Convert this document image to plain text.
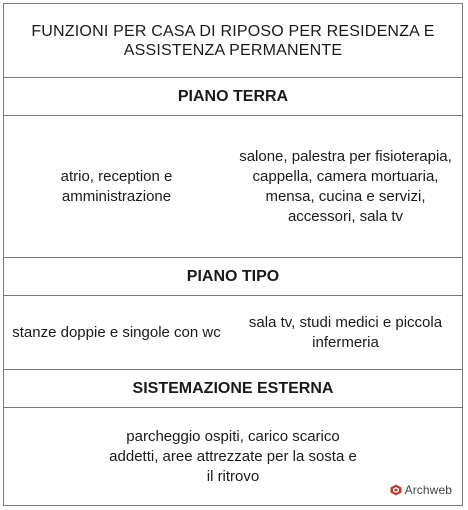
FUNZIONI PER CASA DI RIPOSO PER RESIDENZA E ASSISTENZA PERMANENTE
PIANO TERRA
atrio, reception e amministrazione
salone, palestra per fisioterapia, cappella, camera mortuaria, mensa, cucina e servizi, accessori, sala tv
PIANO TIPO
stanze doppie e singole con wc
sala tv, studi medici e piccola infermeria
SISTEMAZIONE ESTERNA
parcheggio ospiti, carico scarico addetti, aree attrezzate per la sosta e il ritrovo
Archweb
